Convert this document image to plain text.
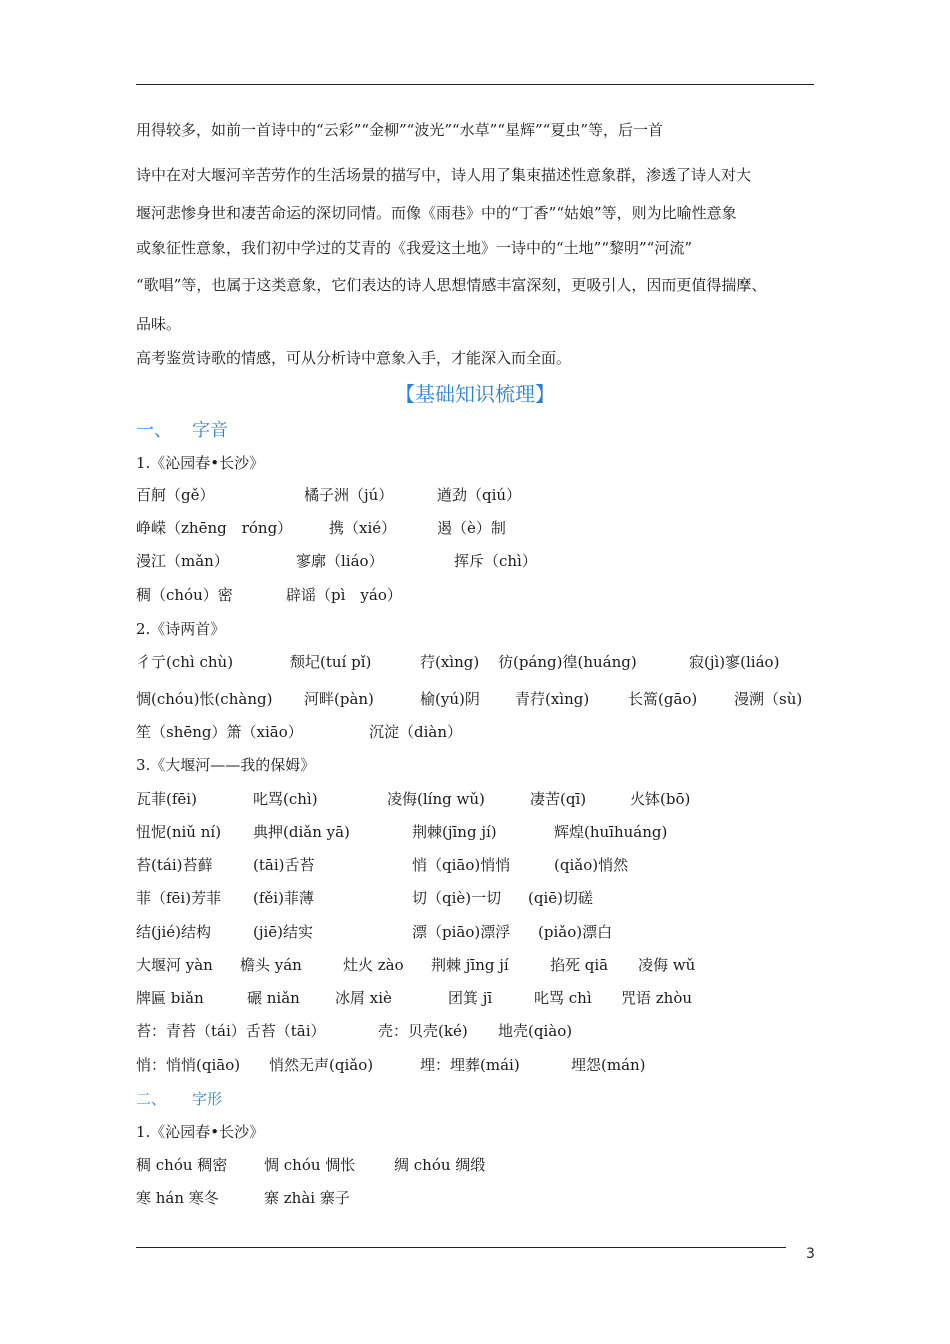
用得较多，如前一首诗中的“云彩”“金柳”“波光”“水草”“星辉”“夏虫”等，后一首
诗中在对大堰河辛苦劳作的生活场景的描写中，诗人用了集束描述性意象群，渗透了诗人对大
堰河悲惨身世和凄苦命运的深切同情。而像《雨巷》中的“丁香”“姑娘”等，则为比喻性意象
或象征性意象，我们初中学过的艾青的《我爱这土地》一诗中的“土地”“黎明”“河流”
“歌唱”等，也属于这类意象，它们表达的诗人思想情感丰富深刻，更吸引人，因而更值得揣摩、
品味。
高考鉴赏诗歌的情感，可从分析诗中意象入手，才能深入而全面。
【基础知识梳理】
一、 字音
1.《沁园春•长沙》
百舸（gě）	橘子洲（jú）	遒劲（qiú）
峥嵘（zhēng　róng） 携（xié）	遏（è）制
漫江（mǎn）	寥廓（liáo）	挥斥（chì）
稠（chóu）密	辟谣（pì　yáo）
2.《诗两首》
彳亍(chì chù)	颓圮(tuí pǐ)	荇(xìng) 彷(páng)徨(huáng)	寂(jì)寥(liáo)
惆(chóu)怅(chàng) 河畔(pàn)	榆(yú)阴 青荇(xìng)	长篙(gāo) 漫溯（sù)
笙（shēng）箫（xiāo）	沉淀（diàn）
3.《大堰河——我的保姆》
瓦菲(fēi)	叱骂(chì)	凌侮(líng wǔ)	凄苦(qī)	火钵(bō)
忸怩(niǔ ní) 典押(diǎn yā)	荆棘(jīng jí)	辉煌(huīhuáng)
苔(tái)苔藓	(tāi)舌苔	悄（qiāo)悄悄	(qiǎo)悄然
菲（fēi)芳菲 (fěi)菲薄	切（qiè)一切 (qiē)切磋
结(jié)结构	(jiē)结实	漂（piāo)漂浮 (piǎo)漂白
大堰河 yàn 檐头 yán	灶火 zào 荆棘 jīng jí	掐死 qiā 凌侮 wǔ
牌匾 biǎn	碾 niǎn 冰屑 xiè	团箕 jī	叱骂 chì 咒语 zhòu
苔：青苔（tái）舌苔（tāi）	壳：贝壳(ké) 地壳(qiào)
悄：悄悄(qiāo) 悄然无声(qiǎo)	埋：埋葬(mái)	埋怨(mán)
二、 字形
1.《沁园春•长沙》
稠 chóu 稠密 惆 chóu 惆怅	绸 chóu 绸缎
寒 hán 寒冬	寨 zhài 寨子
3
